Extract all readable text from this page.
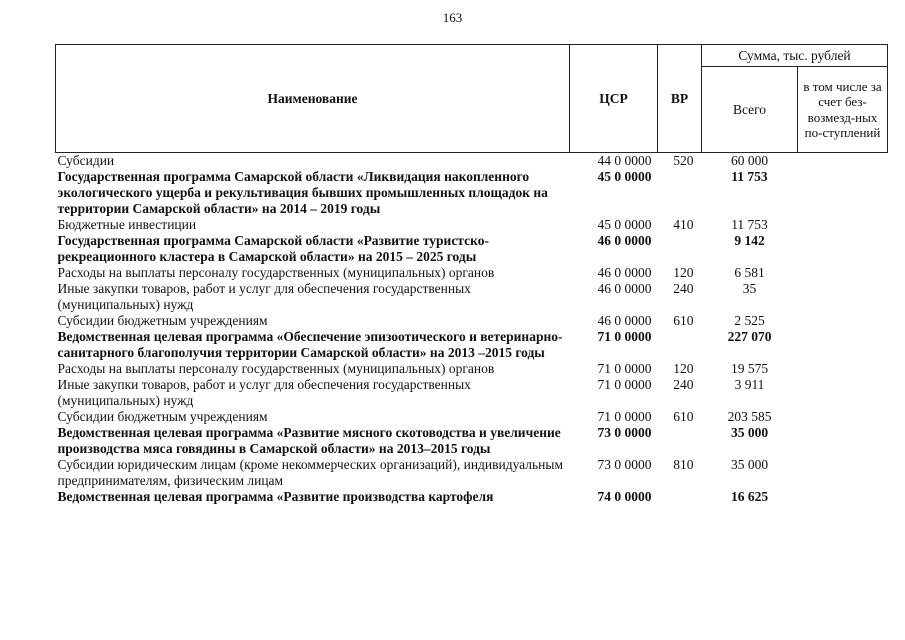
163
Наименование	ЦСР	ВР	Сумма, тыс. рублей	
			Всего	в том числе за счет без-возмезд-ных по-ступлений
Субсидии	44 0 0000	520	60 000	
Государственная программа Самарской области «Ликвидация накопленного экологического ущерба и рекультивация бывших промышленных площадок на территории Самарской области» на 2014 – 2019 годы	45 0 0000		11 753	
Бюджетные инвестиции	45 0 0000	410	11 753	
Государственная программа Самарской области «Развитие туристско-рекреационного кластера в Самарской области» на 2015 – 2025 годы	46 0 0000		9 142	
Расходы на выплаты персоналу государственных (муниципальных) органов	46 0 0000	120	6 581	
Иные закупки товаров, работ и услуг для обеспечения государственных (муниципальных) нужд	46 0 0000	240	35	
Субсидии бюджетным учреждениям	46 0 0000	610	2 525	
Ведомственная целевая программа «Обеспечение эпизоотического и ветеринарно-санитарного благополучия территории Самарской области» на 2013 –2015 годы	71 0 0000		227 070	
Расходы на выплаты персоналу государственных (муниципальных) органов	71 0 0000	120	19 575	
Иные закупки товаров, работ и услуг для обеспечения государственных (муниципальных) нужд	71 0 0000	240	3 911	
Субсидии бюджетным учреждениям	71 0 0000	610	203 585	
Ведомственная целевая программа «Развитие мясного скотоводства и увеличение производства мяса говядины в Самарской области» на 2013–2015 годы	73 0 0000		35 000	
Субсидии юридическим лицам (кроме некоммерческих организаций), индивидуальным предпринимателям, физическим лицам	73 0 0000	810	35 000	
Ведомственная целевая программа «Развитие производства картофеля	74 0 0000		16 625	
